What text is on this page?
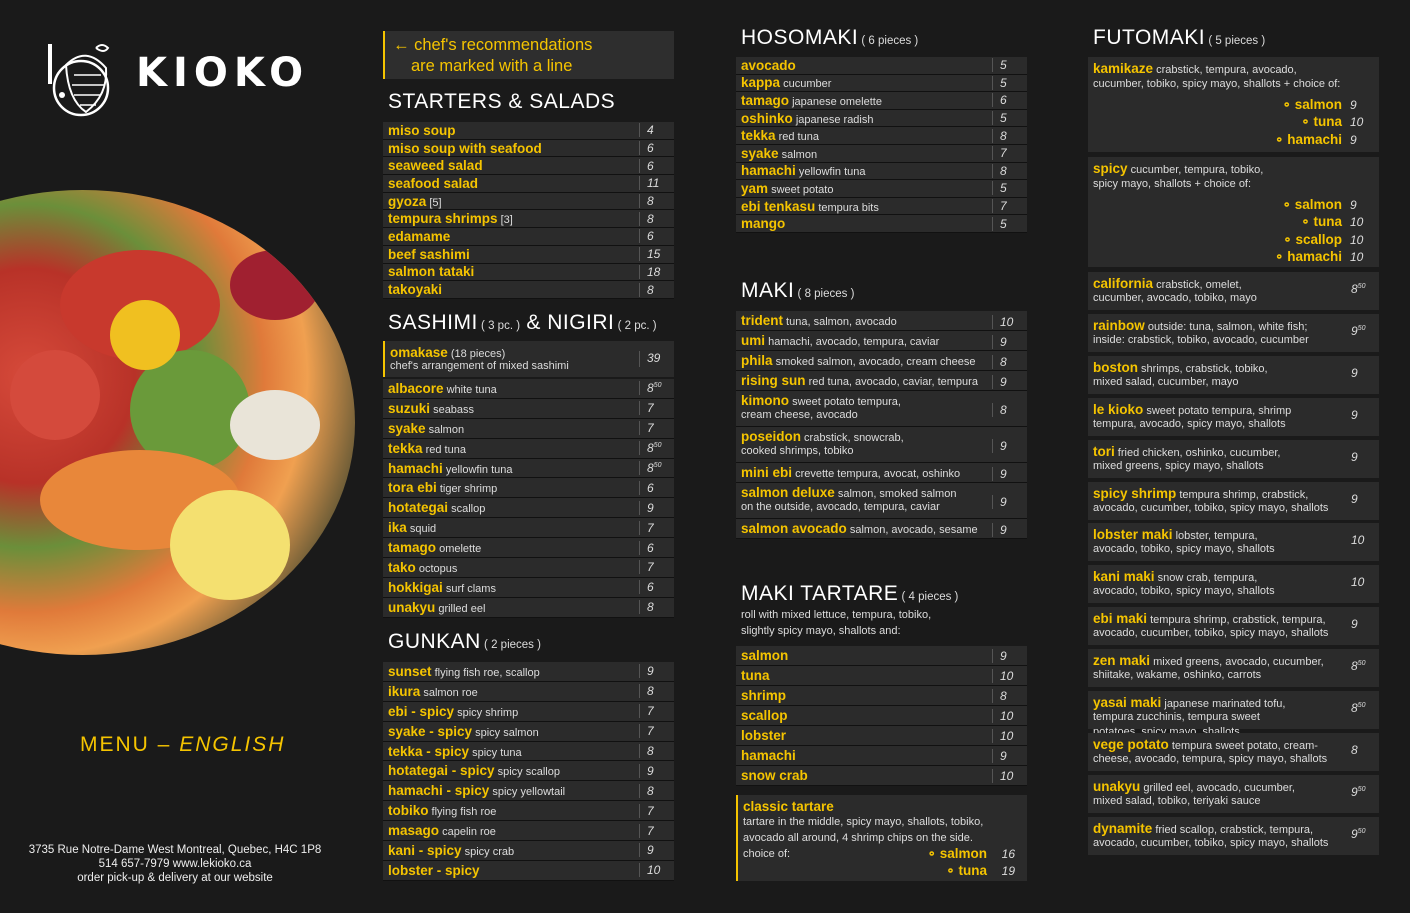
KIOKO
MENU – ENGLISH
3735 Rue Notre-Dame West Montreal, Quebec, H4C 1P8
514 657-7979 www.lekioko.ca
order pick-up & delivery at our website
← chef's recommendations
are marked with a line
STARTERS & SALADS
miso soup	4
miso soup with seafood	6
seaweed salad	6
seafood salad	11
gyoza [5]	8
tempura shrimps [3]	8
edamame	6
beef sashimi	15
salmon tataki	18
takoyaki	8
SASHIMI ( 3 pc. ) & NIGIRI ( 2 pc. )
omakase (18 pieces)
chef's arrangement of mixed sashimi
39
albacore white tuna	$8^{50}$
suzuki seabass	7
syake salmon	7
tekka red tuna	$8^{50}$
hamachi yellowfin tuna	$8^{50}$
tora ebi tiger shrimp	6
hotategai scallop	9
ika squid	7
tamago omelette	6
tako octopus	7
hokkigai surf clams	6
unakyu grilled eel	8
GUNKAN ( 2 pieces )
sunset flying fish roe, scallop	9
ikura salmon roe	8
ebi - spicy spicy shrimp	7
syake - spicy spicy salmon	7
tekka - spicy spicy tuna	8
hotategai - spicy spicy scallop	9
hamachi - spicy spicy yellowtail	8
tobiko flying fish roe	7
masago capelin roe	7
kani - spicy spicy crab	9
lobster - spicy	10
HOSOMAKI ( 6 pieces )
avocado	5
kappa cucumber	5
tamago japanese omelette	6
oshinko japanese radish	5
tekka red tuna	8
syake salmon	7
hamachi yellowfin tuna	8
yam sweet potato	5
ebi tenkasu tempura bits	7
mango	5
MAKI ( 8 pieces )
trident tuna, salmon, avocado	10
umi hamachi, avocado, tempura, caviar	9
phila smoked salmon, avocado, cream cheese	8
rising sun red tuna, avocado, caviar, tempura	9
kimono sweet potato tempura,
cream cheese, avocado	8
poseidon crabstick, snowcrab,
cooked shrimps, tobiko	9
mini ebi crevette tempura, avocat, oshinko	9
salmon deluxe salmon, smoked salmon
on the outside, avocado, tempura, caviar	9
salmon avocado salmon, avocado, sesame	9
MAKI TARTARE ( 4 pieces )
roll with mixed lettuce, tempura, tobiko,
slightly spicy mayo, shallots and:
salmon	9
tuna	10
shrimp	8
scallop	10
lobster	10
hamachi	9
snow crab	10
classic tartare
tartare in the middle, spicy mayo, shallots, tobiko,
avocado all around, 4 shrimp chips on the side.
choice of:	∘ salmon 16
∘ tuna 19
FUTOMAKI ( 5 pieces )
kamikaze crabstick, tempura, avocado,
cucumber, tobiko, spicy mayo, shallots + choice of:
∘ salmon 9
∘ tuna 10
∘ hamachi 9
spicy cucumber, tempura, tobiko,
spicy mayo, shallots + choice of:
∘ salmon 9
∘ tuna 10
∘ scallop 10
∘ hamachi 10
california crabstick, omelet,
cucumber, avocado, tobiko, mayo
$8^{50}$
rainbow outside: tuna, salmon, white fish;
inside: crabstick, tobiko, avocado, cucumber
$9^{50}$
boston shrimps, crabstick, tobiko,
mixed salad, cucumber, mayo
9
le kioko sweet potato tempura, shrimp
tempura, avocado, spicy mayo, shallots
9
tori fried chicken, oshinko, cucumber,
mixed greens, spicy mayo, shallots
9
spicy shrimp tempura shrimp, crabstick,
avocado, cucumber, tobiko, spicy mayo, shallots
9
lobster maki lobster, tempura,
avocado, tobiko, spicy mayo, shallots
10
kani maki snow crab, tempura,
avocado, tobiko, spicy mayo, shallots
10
ebi maki tempura shrimp, crabstick, tempura,
avocado, cucumber, tobiko, spicy mayo, shallots
9
zen maki mixed greens, avocado, cucumber,
shiitake, wakame, oshinko, carrots
$8^{50}$
yasai maki japanese marinated tofu,
tempura zucchinis, tempura sweet

$8^{50}$
vege potato tempura sweet potato, cream-
cheese, avocado, tempura, spicy mayo, shallots
8
unakyu grilled eel, avocado, cucumber,
mixed salad, tobiko, teriyaki sauce
$9^{50}$
dynamite fried scallop, crabstick, tempura,
avocado, cucumber, tobiko, spicy mayo, shallots
$9^{50}$
